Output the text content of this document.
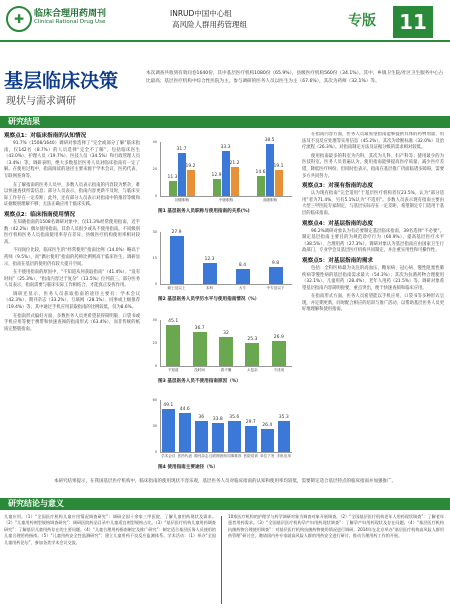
✚	临床合理用药周刊
Clinical Rational Drug Use
INRUD中国中心组
高风险人群用药管理组	专版	11
基层临床决策
现状与需求调研
本次调查共收到有效问卷1640份，其中基层医疗机构1080份（65.9%），县级医疗机构560份（34.1%）。其中，乡镇卫生院/社区卫生服务中心占比最高；基层医疗机构中综合性医院为主。参与调研的医务人员以医生为主（67.6%），其次为药师（32.1%）等。
研究结果
观察点1：对临床指南的认知情况

91.7%（1508/1640）调研对象选择了“完全或部分了解”临床指南，仅142名（8.7%）的人员选择“完全不了解”，包括临床医生（43.0%）、护理人员（19.7%）、医技人员（34.5%）和行政管理人员（3.4%）等。调研表明，绝大多数基层医务人员对临床指南有一定了解。在使用过程中，指南阅读的途径主要来源于学术会议、医药代表、互联网查询等。

在了解指南的医务人员中，多数人员表示指南的内容较为繁杂，难以快速查找所需信息；部分人员表示，指南内容更新不及时，与临床实际工作存在一定差距；此外，还有部分人员表示对指南中的推荐等级和证据级别理解不够，无法正确应用于临床实践。

观察点2：临床指南使用情况

在知晓指南的1508名调研对象中，仅11.3%经常使用指南，近半数（42.2%）偶尔使用指南，其余人员很少或从不使用指南。不同级别医疗机构医务人员指南使用率存在差异，县级医疗机构使用率相对较高。

不同岗位比较，临床医生的“经常使用”指南比例（14.0%）略高于药师（9.5%），而“偶尔使用”指南的药师比例则高于临床医生。调研显示，指南在基层的使用仍有较大提升空间。

在不使用指南的原因中，“不知道从何获取指南”（41.4%）、“没有时间”（25.3%）、“指南内容过于复杂”（13.5%）位列前三。部分医务人员表示，指南需要与临床实际工作相结合，才能真正发挥作用。

调研还显示，医务人员获取指南的途径主要有：学术会议（42.3%）、期刊杂志（33.2%）、互联网（28.1%）、同事或上级推荐（19.4%）等；其中通过手机应用获取指南的比例较低，仅为8.6%。

在指南形式偏好方面，多数医务人员更希望获得简明版、口袋书或手机应用等便于携带和快速查阅的指南形式（63.4%），而非传统的纸质完整版指南。

0
20
40
11.3
31.7
19.2
初级职称
12.9
33.3
21.2
中级职称
14.6
38.5
19.1
高级职称
图1 基层医务人员职称与使用指南的关系(%)
0
15
30	27.9
硕士及以上
12.3
本科
8.4
大专
9.8
中专及以下
图2 基层医务人员学历水平与使用指南情况（%）
0
25
50	45.1
不知道
36.7
没时间
32
看不懂
25.3
太复杂
26.9
不适用
图3 基层医务人员不使用指南原因（%）
0
30
60
49.1
学术会议
44.6
医药代表
36
期刊杂志
33.8
互联网查询
35.6
同事推荐
29.7
医院培训
26.4
单位下发
35.3
手机应用
图4 使用指南主要途径（%）

在指南内容方面，医务人员最希望指南能够提供具体的药物剂量、用法及不良反应处理等实用信息（45.2%），其次为诊断标准（32.0%）及治疗流程（26.3%）。对指南制定方法及证据分级的需求相对较低。

使用指南最多的科室为内科，其次为儿科、妇产科等；使用最少的为医技科室。医务人员普遍认为，使用指南能够提高医疗质量，减少医疗差错，降低医疗纠纷，但同时也表示，指南在基层推广仍面临诸多障碍，需要多方共同努力。

观察点3：对现有指南的态度

认为现有指南“完全适用”于基层医疗机构者仅23.5%，认为“部分适用”者为71.4%，另有5.1%认为“不适用”。多数人员表示现有指南主要由大型三甲医院专家制定，与基层实际存在一定差距，希望制定专门适用于基层的临床指南。

观察点4：对基层指南的态度

96.2%调研对象认为有必要制定基层临床指南，39名选择“不必要”。制定基层指南主要目的为规范诊疗行为（60.9%）、提高基层医疗水平（38.5%）、合理用药（27.3%）。调研对象认为基层指南应由国家卫生行政部门、专业学会及基层医疗机构共同制定，并注重实用性和可操作性。

观察点5：对基层指南的需求

包括：全科医师最为关注的高血压、糖尿病、冠心病、慢性阻塞性肺疾病等慢性病的基层指南需求最大（54.3%）；其次为抗菌药物合理使用（32.1%）、儿童用药（28.4%）、老年人用药（21.5%）等。调研对象希望基层指南内容简明扼要，重点突出，便于快速查阅和临床应用。

在指南形式方面，医务人员希望能以手机应用、口袋书等多种形式呈现，并定期更新，同时配合相应的培训与推广活动，以帮助基层医务人员更好地理解和使用指南。

本研究结果提示，在我国基层医疗机构中，临床指南的使用现状不容乐观，基层医务人员对临床指南的认知和使用率均较低，需要制定适合基层特点的临床指南并加强推广。
研究结论与意义
儿童应用。（1）“全国医疗机构儿童应用情况调查研究”：调研全国十余家三甲医院，了解儿童用药现状及需求。（2）“儿童用药剂型规格调查研究”：调研医院药品目录中儿童适宜剂型规格占比。（3）“基层医疗机构儿童用药调查研究”：了解基层儿童用药存在的主要问题。（4）“儿童合理用药指南制定及推广研究”：制定适合基层医务人员使用的儿童合理用药指南。（5）“儿童用药安全性监测研究”：建立儿童用药不良反应监测体系。学术活动：（1）举办“全国儿童用药论坛”、参加各类学术会议交流。
10家医疗机构的护理学与药学调研对象为调查对象开展调查。（2）“全国基层医疗机构老年人用药现状调查”：了解老年患者用药需求。（3）“全国基层医疗机构孕产妇用药现状调查”：了解孕产妇用药现状及存在问题。（4）“基层医疗机构抗菌药物合理使用调查”：对基层医疗机构抗菌药物使用情况进行调研。2014年在北京举办“基层医疗机构高风险人群用药管理”研讨会，邀请国内外专家就高风险人群的用药安全进行研讨，推动合理用药工作的开展。
